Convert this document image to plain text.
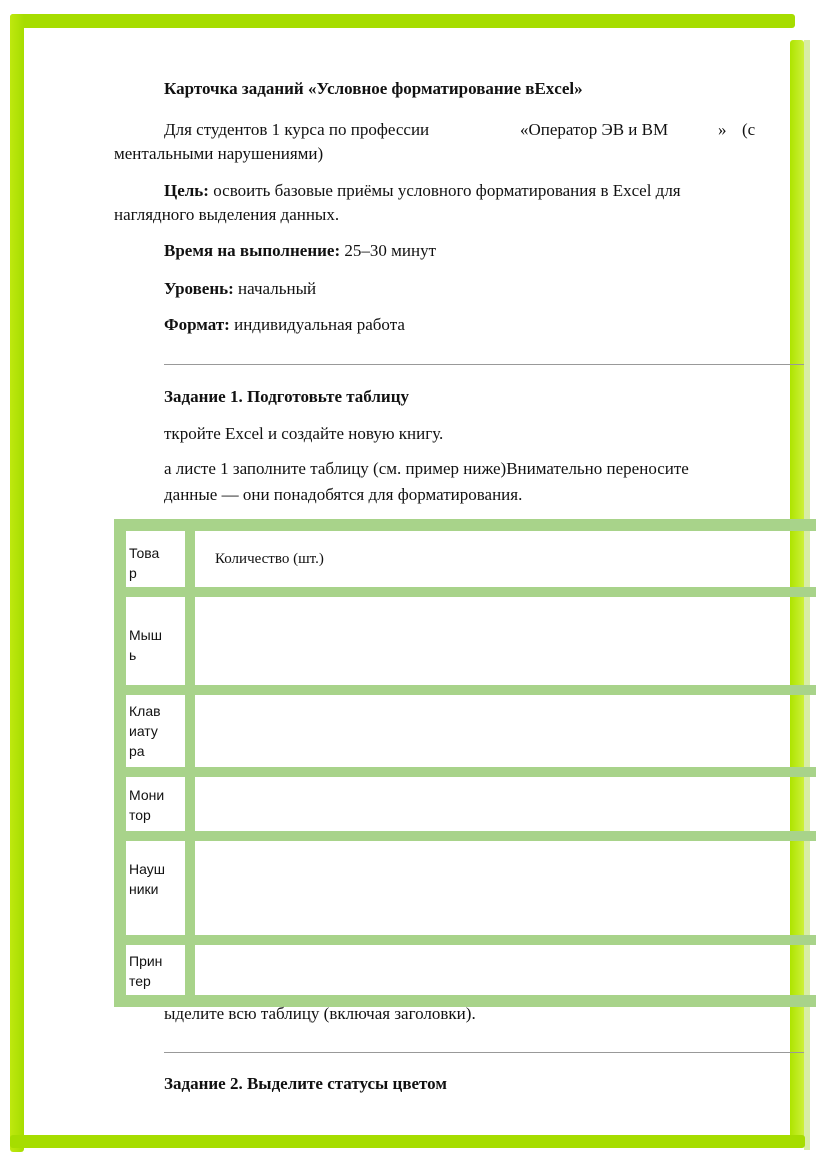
Карточка заданий «Условное форматирование вExcel»
Для студентов 1 курса по профессии	«Оператор ЭВ и ВМ	» (с
ментальными нарушениями)
Цель: освоить базовые приёмы условного форматирования в Excel для
наглядного выделения данных.
Время на выполнение: 25–30 минут
Уровень: начальный
Формат: индивидуальная работа
Задание 1. Подготовьте таблицу
ткройте Excel и создайте новую книгу.
а листе 1 заполните таблицу (см. пример ниже)Внимательно переносите
данные — они понадобятся для форматирования.
Товар	Количество (шт.)

Мышь	

Клавиатура	

Монитор	

Наушники	

Принтер	

ыделите всю таблицу (включая заголовки).
Задание 2. Выделите статусы цветом
